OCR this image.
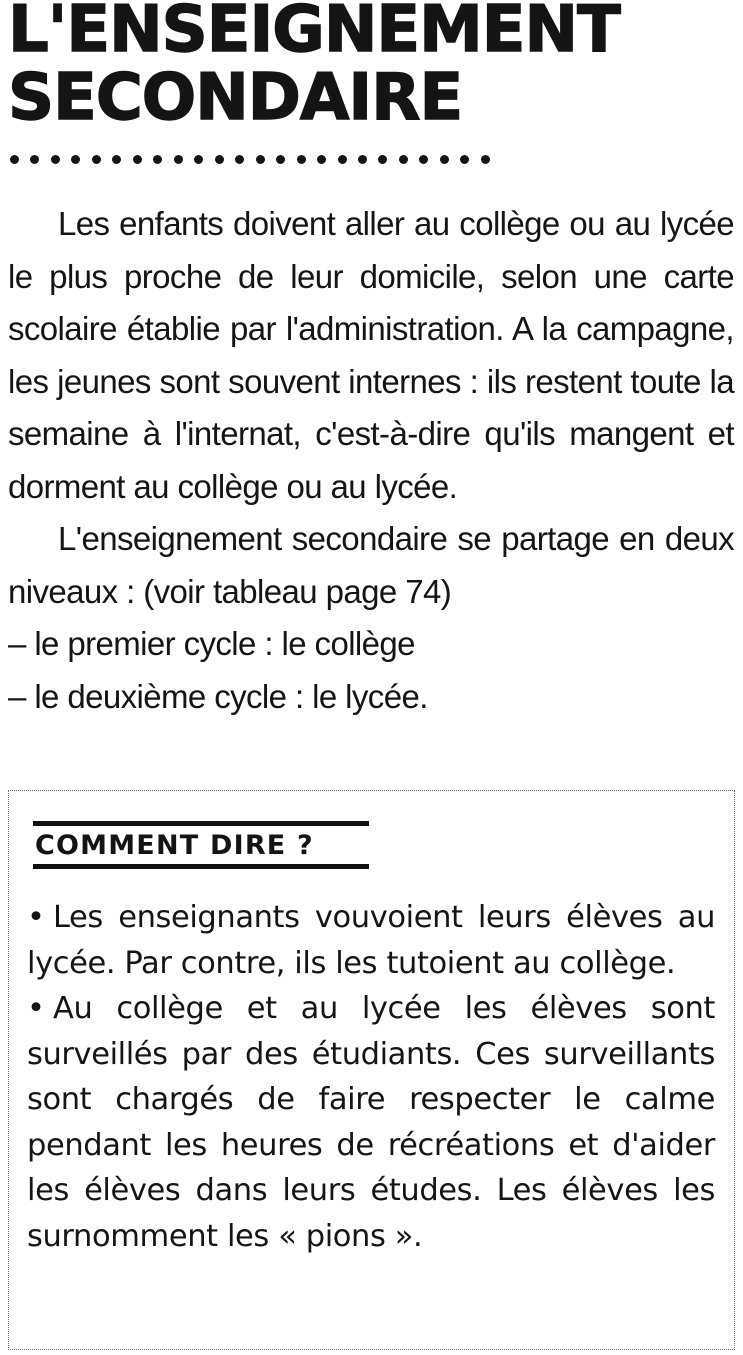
L'ENSEIGNEMENT
SECONDAIRE

Les enfants doivent aller au collège ou au lycée le plus proche de leur domicile, selon une carte scolaire établie par l'administration. A la campagne, les jeunes sont souvent internes : ils restent toute la semaine à l'internat, c'est-à-dire qu'ils mangent et dorment au collège ou au lycée.

L'enseignement secondaire se partage en deux niveaux : (voir tableau page 74)

– le premier cycle : le collège
– le deuxième cycle : le lycée.
COMMENT DIRE ?

• Les enseignants vouvoient leurs élèves au lycée. Par contre, ils les tutoient au collège.

• Au collège et au lycée les élèves sont surveillés par des étudiants. Ces surveillants sont chargés de faire respecter le calme pendant les heures de récréations et d'aider les élèves dans leurs études. Les élèves les surnomment les « pions ».
